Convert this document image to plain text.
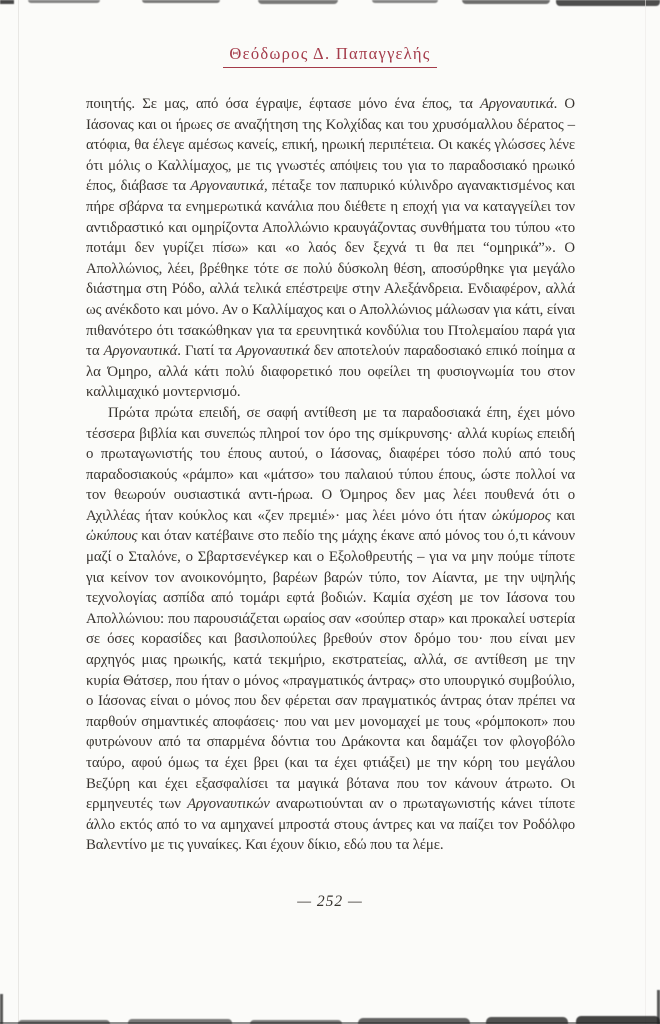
Θεόδωρος Δ. Παπαγγελής

ποιητής. Σε μας, από όσα έγραψε, έφτασε μόνο ένα έπος, τα Αργοναυτικά. Ο Ιάσονας και οι ήρωες σε αναζήτηση της Κολχίδας και του χρυσόμαλλου δέρατος – ατόφια, θα έλεγε αμέσως κανείς, επική, ηρωική περιπέτεια. Οι κακές γλώσσες λένε ότι μόλις ο Καλλίμαχος, με τις γνωστές απόψεις του για το παραδοσιακό ηρωικό έπος, διάβασε τα Αργοναυτικά, πέταξε τον παπυρικό κύλινδρο αγανακτισμένος και πήρε σβάρνα τα ενημερωτικά κανάλια που διέθετε η εποχή για να καταγγείλει τον αντιδραστικό και ομηρίζοντα Απολλώνιο κραυγάζοντας συνθήματα του τύπου «το ποτάμι δεν γυρίζει πίσω» και «ο λαός δεν ξεχνά τι θα πει “ομηρικά”». Ο Απολλώνιος, λέει, βρέθηκε τότε σε πολύ δύσκολη θέση, αποσύρθηκε για μεγάλο διάστημα στη Ρόδο, αλλά τελικά επέστρεψε στην Αλεξάνδρεια. Ενδιαφέρον, αλλά ως ανέκδοτο και μόνο. Αν ο Καλλίμαχος και ο Απολλώνιος μάλωσαν για κάτι, είναι πιθανότερο ότι τσακώθηκαν για τα ερευνητικά κονδύλια του Πτολεμαίου παρά για τα Αργοναυτικά. Γιατί τα Αργοναυτικά δεν αποτελούν παραδοσιακό επικό ποίημα α λα Όμηρο, αλλά κάτι πολύ διαφορετικό που οφείλει τη φυσιογνωμία του στον καλλιμαχικό μοντερνισμό.

Πρώτα πρώτα επειδή, σε σαφή αντίθεση με τα παραδοσιακά έπη, έχει μόνο τέσσερα βιβλία και συνεπώς πληροί τον όρο της σμίκρυνσης· αλλά κυρίως επειδή ο πρωταγωνιστής του έπους αυτού, ο Ιάσονας, διαφέρει τόσο πολύ από τους παραδοσιακούς «ράμπο» και «μάτσο» του παλαιού τύπου έπους, ώστε πολλοί να τον θεωρούν ουσιαστικά αντι-ήρωα. Ο Όμηρος δεν μας λέει πουθενά ότι ο Αχιλλέας ήταν κούκλος και «ζεν πρεμιέ»· μας λέει μόνο ότι ήταν ὠκύμορος και ὠκύπους και όταν κατέβαινε στο πεδίο της μάχης έκανε από μόνος του ό,τι κάνουν μαζί ο Σταλόνε, ο Σβαρτσενέγκερ και ο Εξολοθρευτής – για να μην πούμε τίποτε για κείνον τον ανοικονόμητο, βαρέων βαρών τύπο, τον Αίαντα, με την υψηλής τεχνολογίας ασπίδα από τομάρι εφτά βοδιών. Καμία σχέση με τον Ιάσονα του Απολλώνιου: που παρουσιάζεται ωραίος σαν «σούπερ σταρ» και προκαλεί υστερία σε όσες κορασίδες και βασιλοπούλες βρεθούν στον δρόμο του· που είναι μεν αρχηγός μιας ηρωικής, κατά τεκμήριο, εκστρατείας, αλλά, σε αντίθεση με την κυρία Θάτσερ, που ήταν ο μόνος «πραγματικός άντρας» στο υπουργικό συμβούλιο, ο Ιάσονας είναι ο μόνος που δεν φέρεται σαν πραγματικός άντρας όταν πρέπει να παρθούν σημαντικές αποφάσεις· που ναι μεν μονομαχεί με τους «ρόμποκοπ» που φυτρώνουν από τα σπαρμένα δόντια του Δράκοντα και δαμάζει τον φλογοβόλο ταύρο, αφού όμως τα έχει βρει (και τα έχει φτιάξει) με την κόρη του μεγάλου Βεζύρη και έχει εξασφαλίσει τα μαγικά βότανα που τον κάνουν άτρωτο. Οι ερμηνευτές των Αργοναυτικών αναρωτιούνται αν ο πρωταγωνιστής κάνει τίποτε άλλο εκτός από το να αμηχανεί μπροστά στους άντρες και να παίζει τον Ροδόλφο Βαλεντίνο με τις γυναίκες. Και έχουν δίκιο, εδώ που τα λέμε.

— 252 —
